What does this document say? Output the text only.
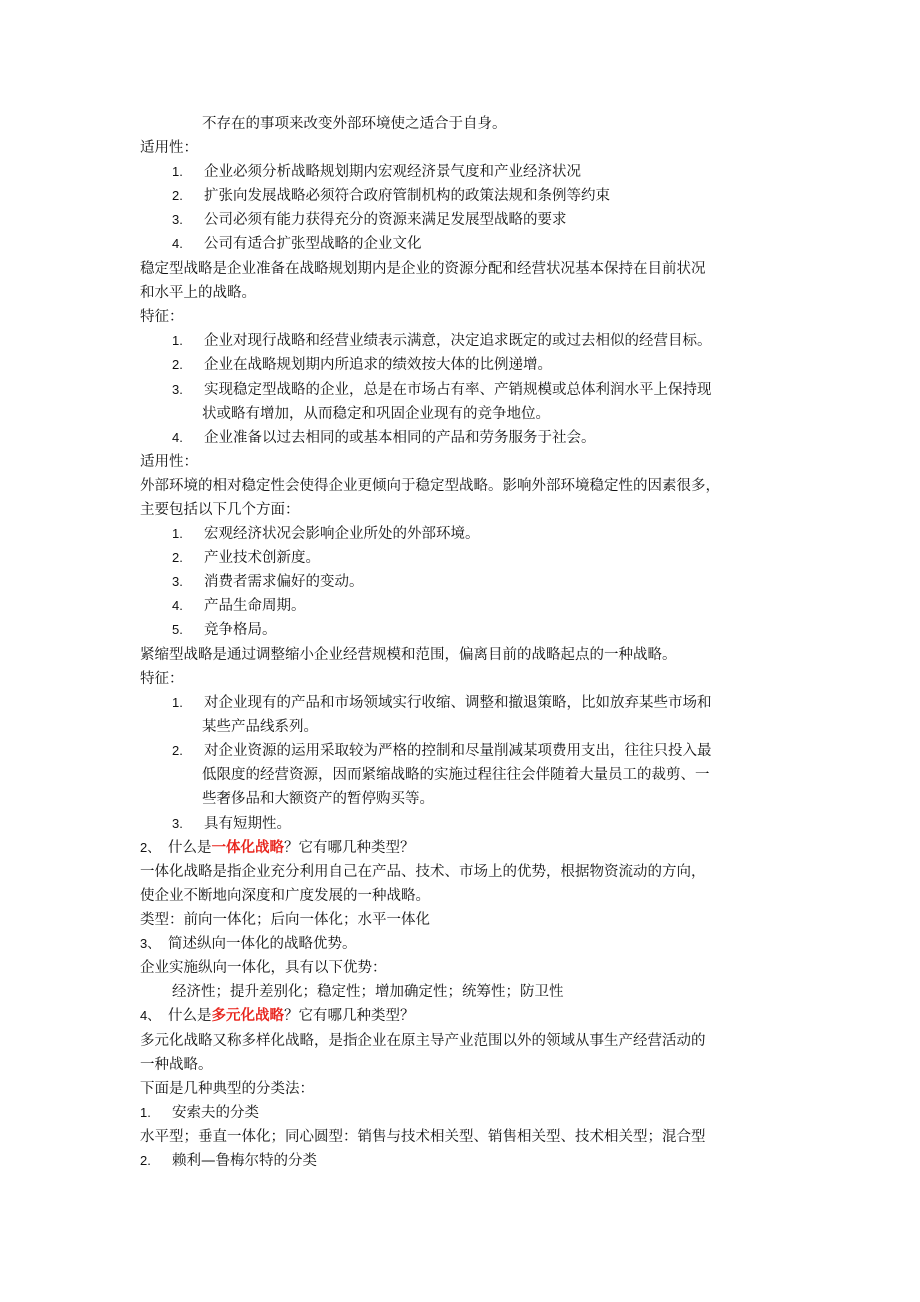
不存在的事项来改变外部环境使之适合于自身。
适用性：
1. 企业必须分析战略规划期内宏观经济景气度和产业经济状况
2. 扩张向发展战略必须符合政府管制机构的政策法规和条例等约束
3. 公司必须有能力获得充分的资源来满足发展型战略的要求
4. 公司有适合扩张型战略的企业文化
稳定型战略是企业准备在战略规划期内是企业的资源分配和经营状况基本保持在目前状况
和水平上的战略。
特征：
1. 企业对现行战略和经营业绩表示满意，决定追求既定的或过去相似的经营目标。
2. 企业在战略规划期内所追求的绩效按大体的比例递增。
3. 实现稳定型战略的企业，总是在市场占有率、产销规模或总体利润水平上保持现
状或略有增加，从而稳定和巩固企业现有的竞争地位。
4. 企业准备以过去相同的或基本相同的产品和劳务服务于社会。
适用性：
外部环境的相对稳定性会使得企业更倾向于稳定型战略。影响外部环境稳定性的因素很多，
主要包括以下几个方面：
1. 宏观经济状况会影响企业所处的外部环境。
2. 产业技术创新度。
3. 消费者需求偏好的变动。
4. 产品生命周期。
5. 竞争格局。
紧缩型战略是通过调整缩小企业经营规模和范围，偏离目前的战略起点的一种战略。
特征：
1. 对企业现有的产品和市场领域实行收缩、调整和撤退策略，比如放弃某些市场和
某些产品线系列。
2. 对企业资源的运用采取较为严格的控制和尽量削减某项费用支出，往往只投入最
低限度的经营资源，因而紧缩战略的实施过程往往会伴随着大量员工的裁剪、一
些奢侈品和大额资产的暂停购买等。
3. 具有短期性。
2、 什么是一体化战略？它有哪几种类型？
一体化战略是指企业充分利用自己在产品、技术、市场上的优势，根据物资流动的方向，
使企业不断地向深度和广度发展的一种战略。
类型：前向一体化；后向一体化；水平一体化
3、 简述纵向一体化的战略优势。
企业实施纵向一体化，具有以下优势：
经济性；提升差别化；稳定性；增加确定性；统筹性；防卫性
4、 什么是多元化战略？它有哪几种类型？
多元化战略又称多样化战略，是指企业在原主导产业范围以外的领域从事生产经营活动的
一种战略。
下面是几种典型的分类法：
1. 安索夫的分类
水平型；垂直一体化；同心圆型：销售与技术相关型、销售相关型、技术相关型；混合型
2. 赖利—鲁梅尔特的分类
